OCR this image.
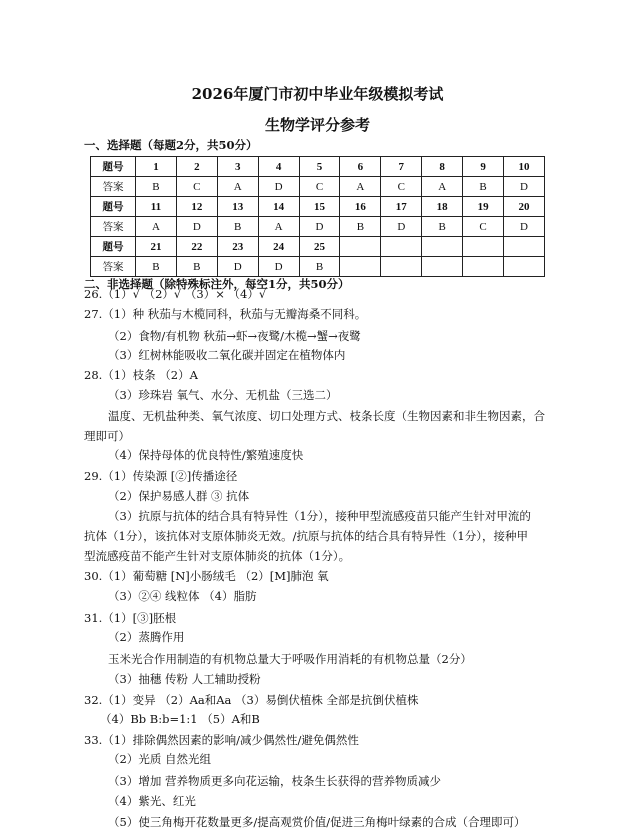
2026年厦门市初中毕业年级模拟考试
生物学评分参考
一、选择题（每题2分，共50分）
题号	1	2	3	4	5	6	7	8	9	10
答案	B	C	A	D	C	A	C	A	B	D
题号	11	12	13	14	15	16	17	18	19	20
答案	A	D	B	A	D	B	D	B	C	D
题号	21	22	23	24	25					
答案	B	B	D	D	B					
二、非选择题（除特殊标注外，每空1分，共50分）
26.（1）√ （2）√ （3）× （4）√
27.（1）种 秋茄与木榄同科，秋茄与无瓣海桑不同科。
（2）食物/有机物 秋茄→虾→夜鹭/木榄→蟹→夜鹭
（3）红树林能吸收二氧化碳并固定在植物体内
28.（1）枝条 （2）A
（3）珍珠岩 氧气、水分、无机盐（三选二）
温度、无机盐种类、氧气浓度、切口处理方式、枝条长度（生物因素和非生物因素，合
理即可）
（4）保持母体的优良特性/繁殖速度快
29.（1）传染源 [②]传播途径
（2）保护易感人群 ③ 抗体
（3）抗原与抗体的结合具有特异性（1分），接种甲型流感疫苗只能产生针对甲流的
抗体（1分），该抗体对支原体肺炎无效。/抗原与抗体的结合具有特异性（1分），接种甲
型流感疫苗不能产生针对支原体肺炎的抗体（1分）。
30.（1）葡萄糖 [N]小肠绒毛 （2）[M]肺泡 氧
（3）②④ 线粒体 （4）脂肪
31.（1）[③]胚根
（2）蒸腾作用
玉米光合作用制造的有机物总量大于呼吸作用消耗的有机物总量（2分）
（3）抽穗 传粉 人工辅助授粉
32.（1）变异 （2）Aa和Aa （3）易倒伏植株 全部是抗倒伏植株
（4）Bb B:b=1:1 （5）A和B
33.（1）排除偶然因素的影响/减少偶然性/避免偶然性
（2）光质 自然光组
（3）增加 营养物质更多向花运输，枝条生长获得的营养物质减少
（4）紫光、红光
（5）使三角梅开花数量更多/提高观赏价值/促进三角梅叶绿素的合成（合理即可）
